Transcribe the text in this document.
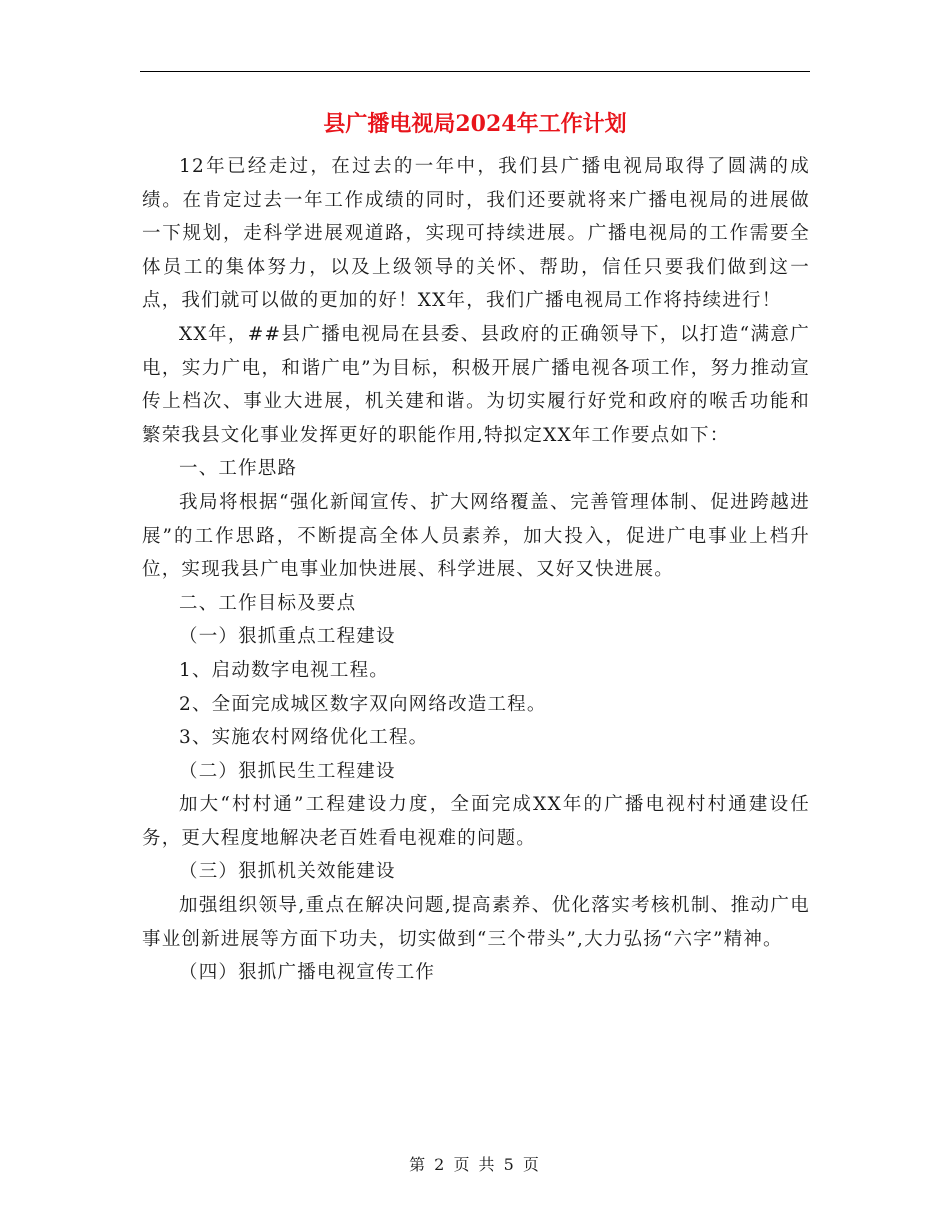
县广播电视局2024年工作计划

12年已经走过，在过去的一年中，我们县广播电视局取得了圆满的成绩。在肯定过去一年工作成绩的同时，我们还要就将来广播电视局的进展做一下规划，走科学进展观道路，实现可持续进展。广播电视局的工作需要全体员工的集体努力，以及上级领导的关怀、帮助，信任只要我们做到这一点，我们就可以做的更加的好！XX年，我们广播电视局工作将持续进行！

XX年，##县广播电视局在县委、县政府的正确领导下，以打造“满意广电，实力广电，和谐广电”为目标，积极开展广播电视各项工作，努力推动宣传上档次、事业大进展，机关建和谐。为切实履行好党和政府的喉舌功能和繁荣我县文化事业发挥更好的职能作用,特拟定XX年工作要点如下：

一、工作思路

我局将根据“强化新闻宣传、扩大网络覆盖、完善管理体制、促进跨越进展”的工作思路，不断提高全体人员素养，加大投入，促进广电事业上档升位，实现我县广电事业加快进展、科学进展、又好又快进展。

二、工作目标及要点

（一）狠抓重点工程建设

1、启动数字电视工程。

2、全面完成城区数字双向网络改造工程。

3、实施农村网络优化工程。

（二）狠抓民生工程建设

加大“村村通”工程建设力度，全面完成XX年的广播电视村村通建设任务，更大程度地解决老百姓看电视难的问题。

（三）狠抓机关效能建设

加强组织领导,重点在解决问题,提高素养、优化落实考核机制、推动广电事业创新进展等方面下功夫，切实做到“三个带头”,大力弘扬“六字”精神。

（四）狠抓广播电视宣传工作

第 2 页 共 5 页
